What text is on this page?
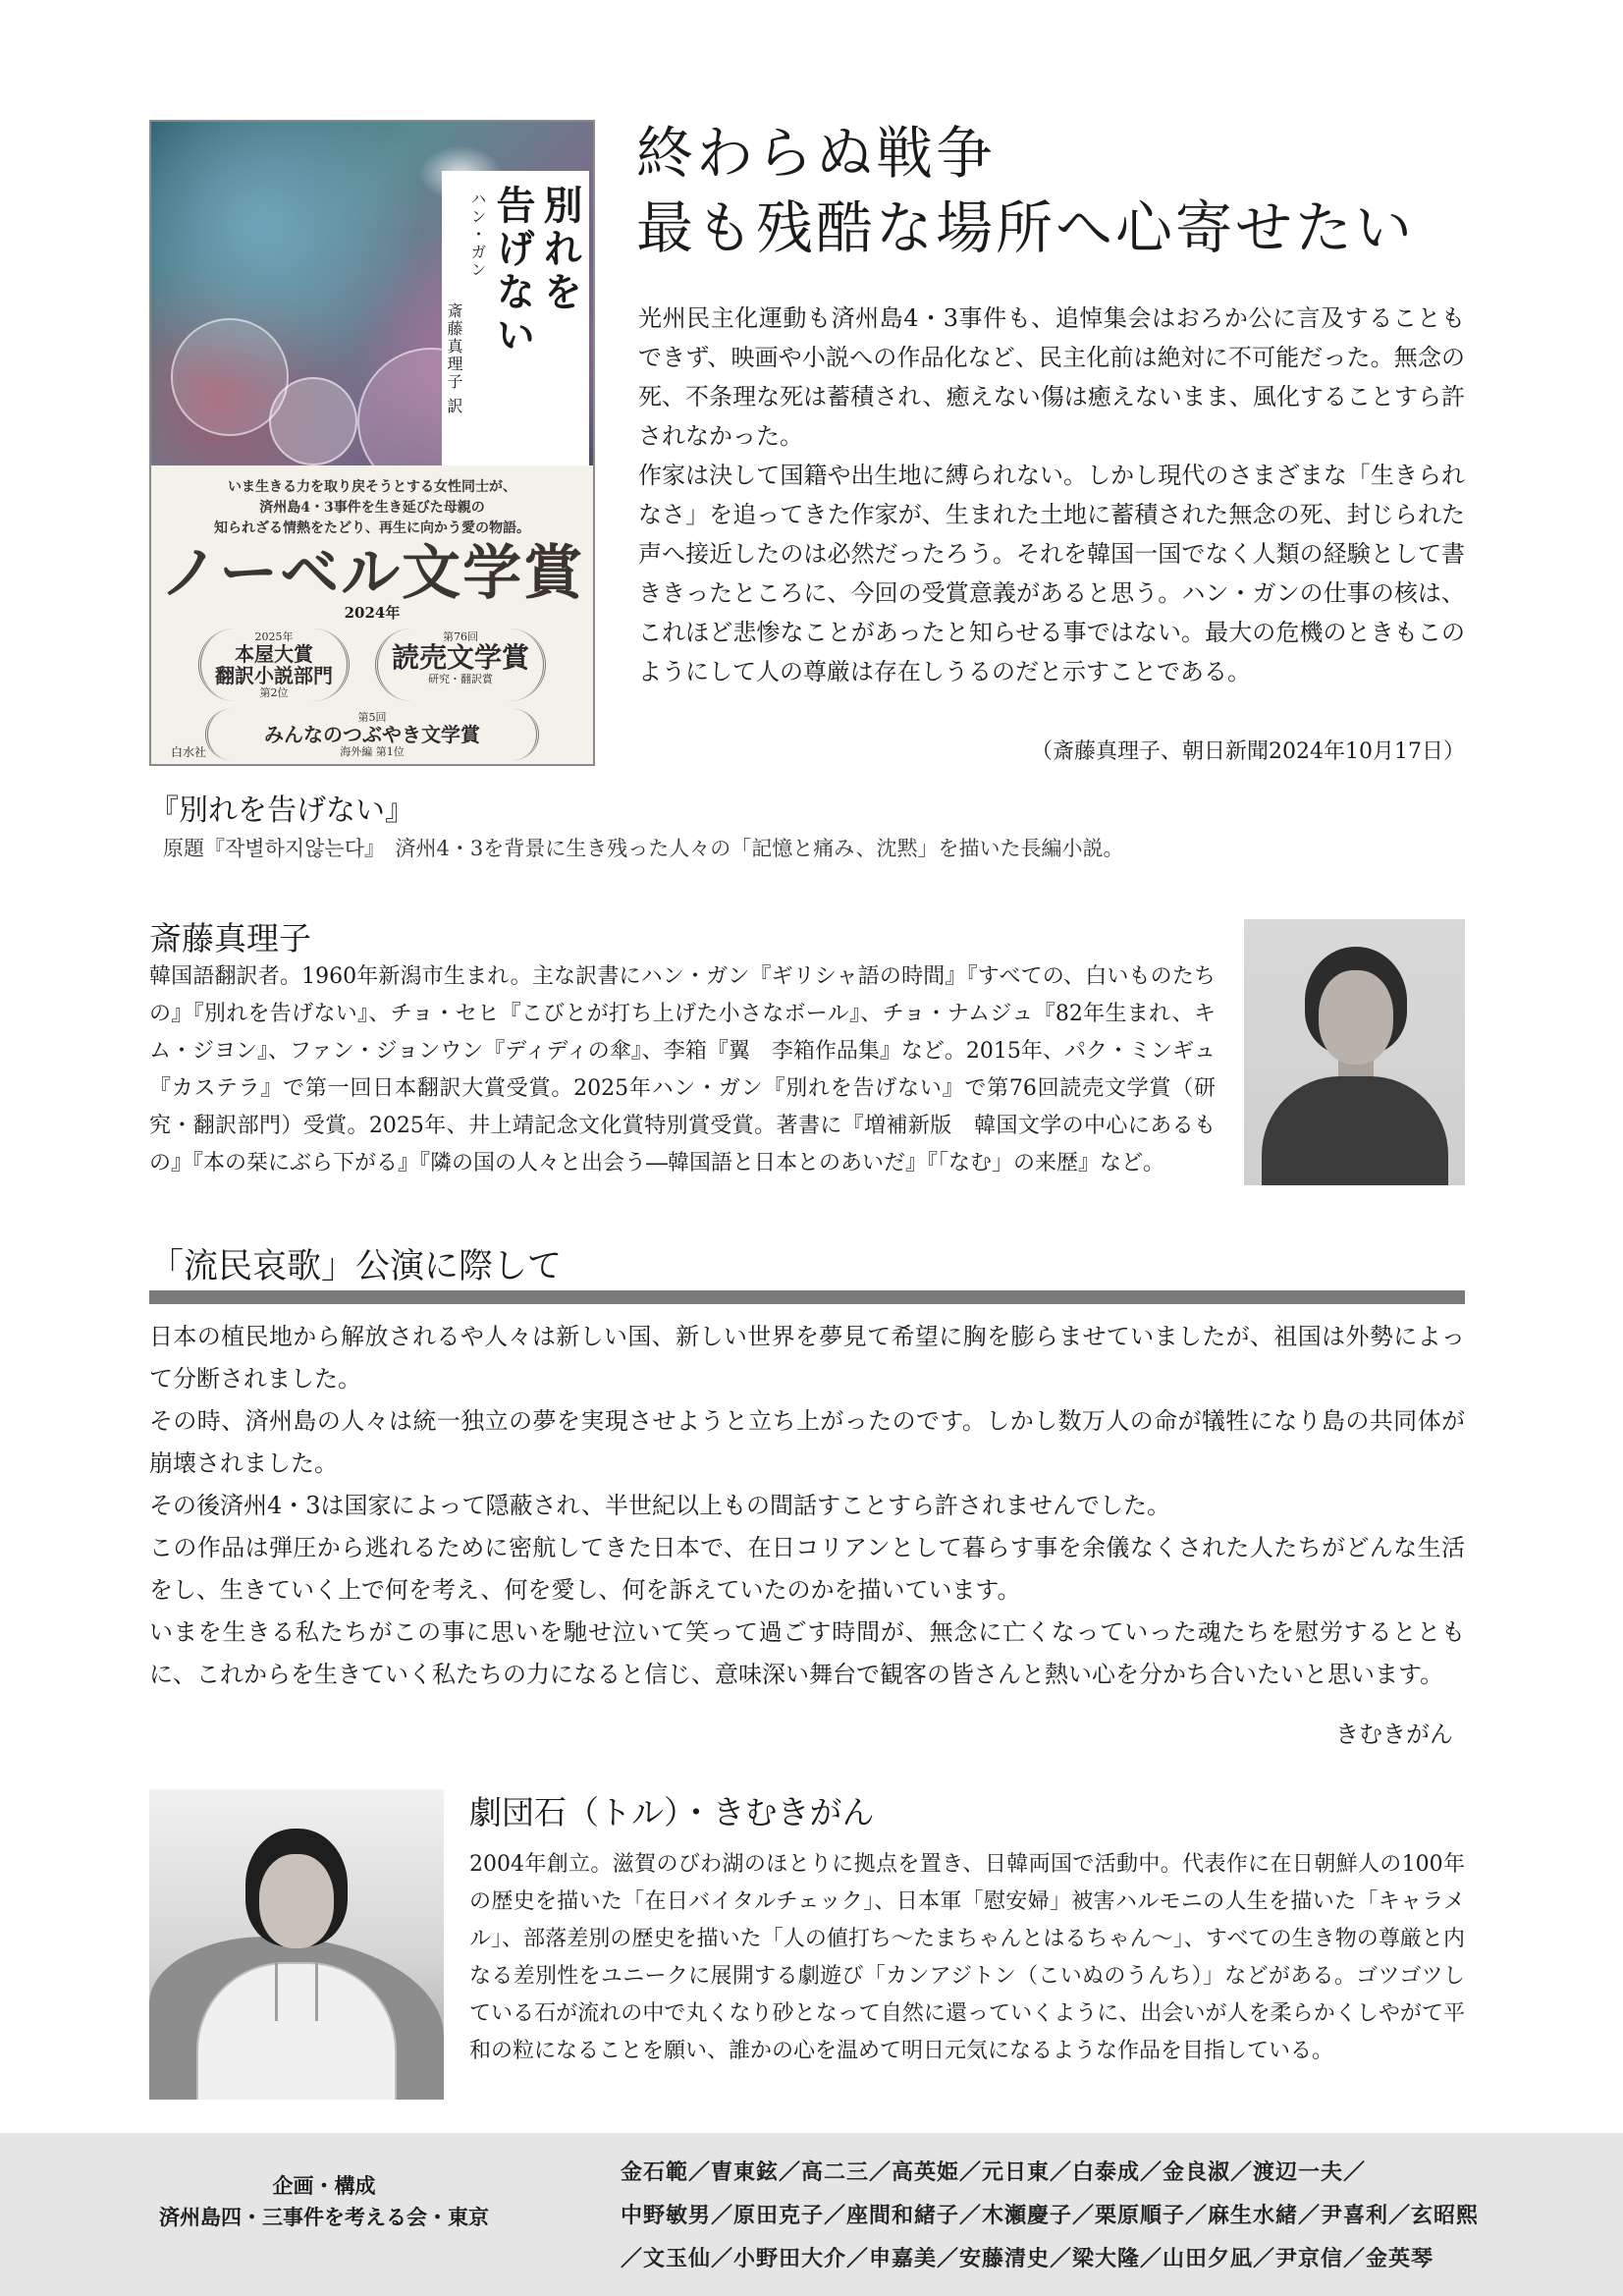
別れを
告げない
ハン・ガン
斎藤真理子 訳
いま生きる力を取り戻そうとする女性同士が、
済州島4・3事件を生き延びた母親の
知られざる情熱をたどり、再生に向かう愛の物語。
ノーベル文学賞
2024年
2025年
本屋大賞
翻訳小説部門
第2位
第76回
読売文学賞
研究・翻訳賞
第5回
みんなのつぶやき文学賞
海外編 第1位
白水社
終わらぬ戦争
最も残酷な場所へ心寄せたい

光州民主化運動も済州島4・3事件も、追悼集会はおろか公に言及することもできず、映画や小説への作品化など、民主化前は絶対に不可能だった。無念の死、不条理な死は蓄積され、癒えない傷は癒えないまま、風化することすら許されなかった。

作家は決して国籍や出生地に縛られない。しかし現代のさまざまな「生きられなさ」を追ってきた作家が、生まれた土地に蓄積された無念の死、封じられた声へ接近したのは必然だったろう。それを韓国一国でなく人類の経験として書ききったところに、今回の受賞意義があると思う。ハン・ガンの仕事の核は、これほど悲惨なことがあったと知らせる事ではない。最大の危機のときもこのようにして人の尊厳は存在しうるのだと示すことである。

（斎藤真理子、朝日新聞2024年10月17日）
『別れを告げない』
原題『작별하지않는다』　済州4・3を背景に生き残った人々の「記憶と痛み、沈黙」を描いた長編小説。
斎藤真理子
韓国語翻訳者。1960年新潟市生まれ。主な訳書にハン・ガン『ギリシャ語の時間』『すべての、白いものたちの』『別れを告げない』、チョ・セヒ『こびとが打ち上げた小さなボール』、チョ・ナムジュ『82年生まれ、キム・ジヨン』、ファン・ジョンウン『ディディの傘』、李箱『翼　李箱作品集』など。2015年、パク・ミンギュ『カステラ』で第一回日本翻訳大賞受賞。2025年ハン・ガン『別れを告げない』で第76回読売文学賞（研究・翻訳部門）受賞。2025年、井上靖記念文化賞特別賞受賞。著書に『増補新版　韓国文学の中心にあるもの』『本の栞にぶら下がる』『隣の国の人々と出会う―韓国語と日本とのあいだ』『「なむ」の来歴』など。
「流民哀歌」公演に際して

日本の植民地から解放されるや人々は新しい国、新しい世界を夢見て希望に胸を膨らませていましたが、祖国は外勢によって分断されました。

その時、済州島の人々は統一独立の夢を実現させようと立ち上がったのです。しかし数万人の命が犠牲になり島の共同体が崩壊されました。

その後済州4・3は国家によって隠蔽され、半世紀以上もの間話すことすら許されませんでした。

この作品は弾圧から逃れるために密航してきた日本で、在日コリアンとして暮らす事を余儀なくされた人たちがどんな生活をし、生きていく上で何を考え、何を愛し、何を訴えていたのかを描いています。

いまを生きる私たちがこの事に思いを馳せ泣いて笑って過ごす時間が、無念に亡くなっていった魂たちを慰労するとともに、これからを生きていく私たちの力になると信じ、意味深い舞台で観客の皆さんと熱い心を分かち合いたいと思います。

きむきがん
劇団石（トル）・きむきがん
2004年創立。滋賀のびわ湖のほとりに拠点を置き、日韓両国で活動中。代表作に在日朝鮮人の100年の歴史を描いた「在日バイタルチェック」、日本軍「慰安婦」被害ハルモニの人生を描いた「キャラメル」、部落差別の歴史を描いた「人の値打ち～たまちゃんとはるちゃん～」、すべての生き物の尊厳と内なる差別性をユニークに展開する劇遊び「カンアジトン（こいぬのうんち）」などがある。ゴツゴツしている石が流れの中で丸くなり砂となって自然に還っていくように、出会いが人を柔らかくしやがて平和の粒になることを願い、誰かの心を温めて明日元気になるような作品を目指している。
企画・構成
済州島四・三事件を考える会・東京
金石範／曺東鉉／高二三／高英姫／元日東／白泰成／金良淑／渡辺一夫／
中野敏男／原田克子／座間和緒子／木瀬慶子／栗原順子／麻生水緒／尹喜利／玄昭熙
／文玉仙／小野田大介／申嘉美／安藤清史／梁大隆／山田夕凪／尹京信／金英琴
